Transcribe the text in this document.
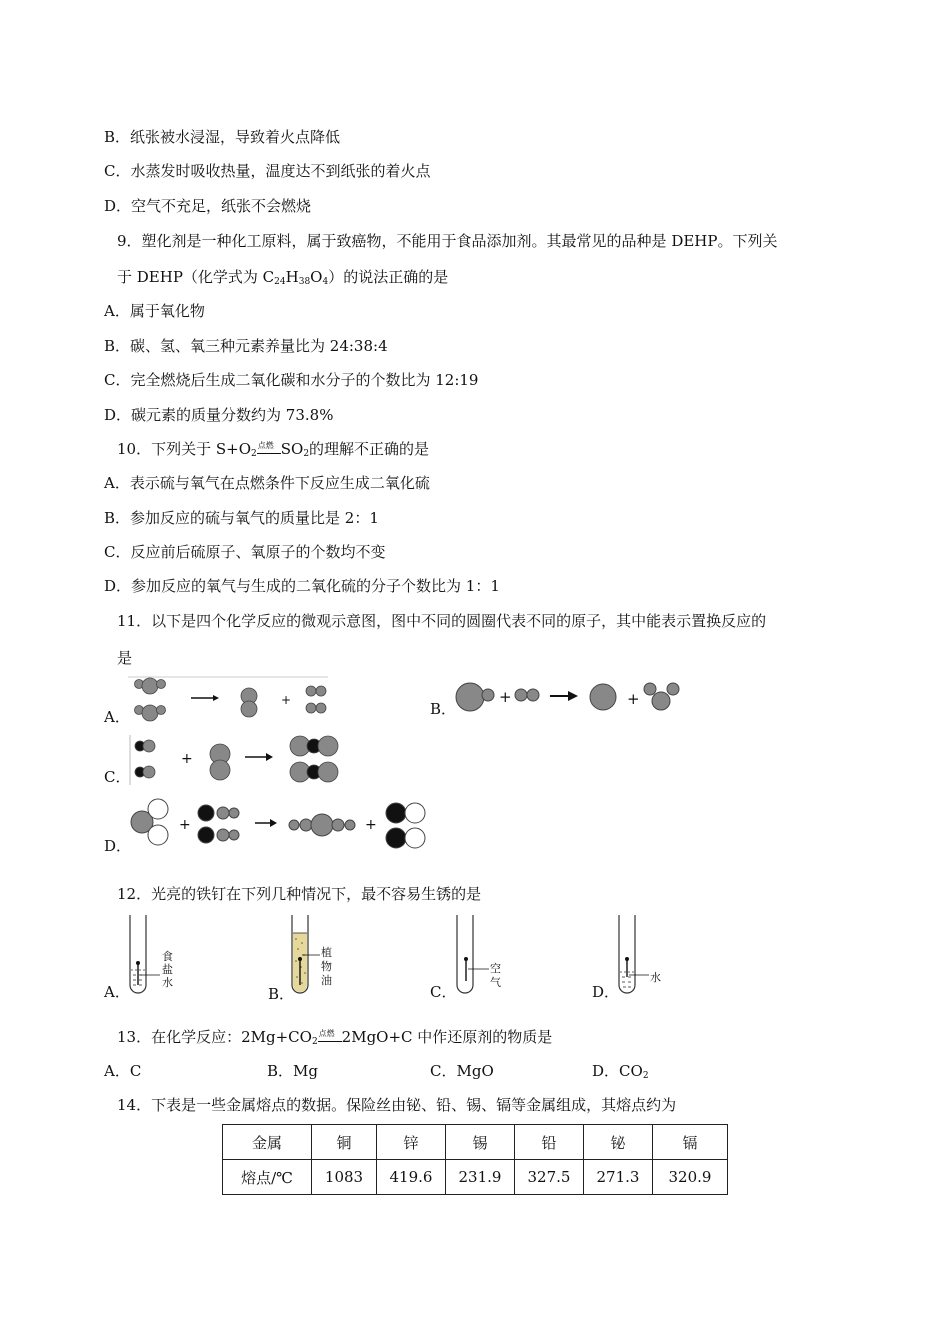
B．纸张被水浸湿，导致着火点降低
C．水蒸发时吸收热量，温度达不到纸张的着火点
D．空气不充足，纸张不会燃烧
9．塑化剂是一种化工原料，属于致癌物，不能用于食品添加剂。其最常见的品种是 DEHP。下列关
于 DEHP（化学式为 $C_{24}H_{38}O_4$）的说法正确的是
A．属于氧化物
B．碳、氢、氧三种元素养量比为 24:38:4
C．完全燃烧后生成二氧化碳和水分子的个数比为 12:19
D．碳元素的质量分数约为 73.8%
10．下列关于 $S+O_2$
点燃 $SO_2$的理解不正确的是
A．表示硫与氧气在点燃条件下反应生成二氧化硫
B．参加反应的硫与氧气的质量比是 2：1
C．反应前后硫原子、氧原子的个数均不变
D．参加反应的氧气与生成的二氧化硫的分子个数比为 1：1
11．以下是四个化学反应的微观示意图，图中不同的圆圈代表不同的原子，其中能表示置换反应的
是
A．
+	B．
+	+
C．
+
D．
+	+
12．光亮的铁钉在下列几种情况下，最不容易生锈的是
A．
食
盐
水
B．
植
物
油
C．
空
气
D．
水
13．在化学反应：$2Mg+CO_2$
点燃 2MgO+C 中作还原剂的物质是
A．C	B．Mg	C．MgO	D．$CO_2$
14．下表是一些金属熔点的数据。保险丝由铋、铅、锡、镉等金属组成，其熔点约为
金属	铜	锌	锡	铅	铋	镉
熔点/℃	1083	419.6	231.9	327.5	271.3	320.9
